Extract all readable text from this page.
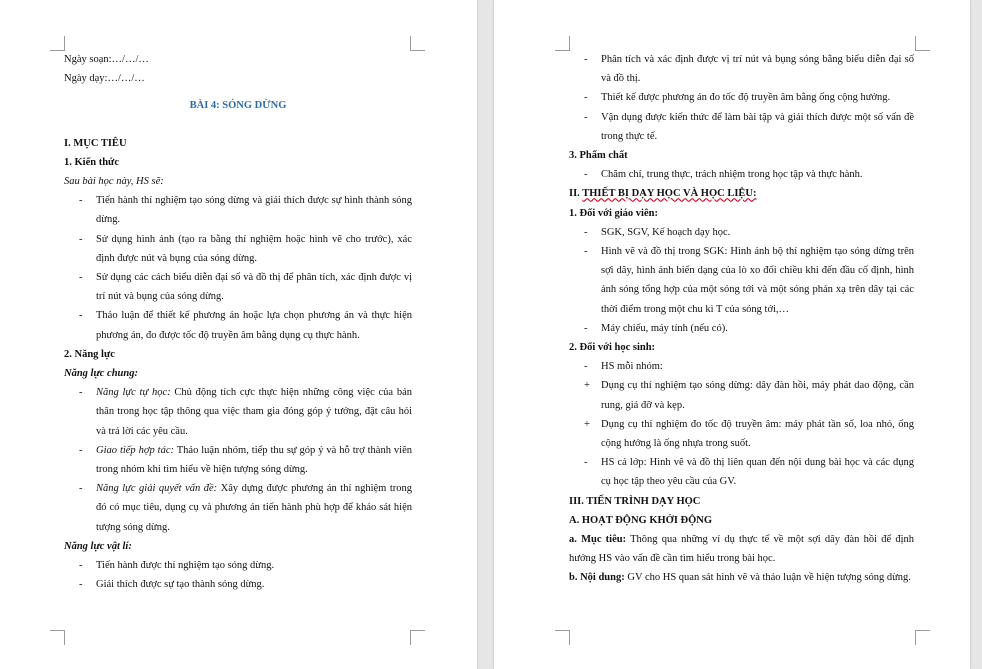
Ngày soạn:…/…/…

Ngày dạy:…/…/…

BÀI 4: SÓNG DỪNG

I. MỤC TIÊU

1. Kiến thức

Sau bài học này, HS sẽ:

- Tiến hành thí nghiệm tạo sóng dừng và giải thích được sự hình thành sóng dừng.
- Sử dụng hình ảnh (tạo ra bằng thí nghiệm hoặc hình vẽ cho trước), xác định được nút và bụng của sóng dừng.
- Sử dụng các cách biểu diễn đại số và đồ thị để phân tích, xác định được vị trí nút và bụng của sóng dừng.
- Thảo luận để thiết kế phương án hoặc lựa chọn phương án và thực hiện phương án, đo được tốc độ truyền âm bằng dụng cụ thực hành.

2. Năng lực

Năng lực chung:

- Năng lực tự học: Chủ động tích cực thực hiện những công việc của bản thân trong học tập thông qua việc tham gia đóng góp ý tưởng, đặt câu hỏi và trả lời các yêu cầu.
- Giao tiếp hợp tác: Thảo luận nhóm, tiếp thu sự góp ý và hỗ trợ thành viên trong nhóm khi tìm hiểu về hiện tượng sóng dừng.
- Năng lực giải quyết vấn đề: Xây dựng được phương án thí nghiệm trong đó có mục tiêu, dụng cụ và phương án tiến hành phù hợp để khảo sát hiện tượng sóng dừng.

Năng lực vật lí:

- Tiến hành được thí nghiệm tạo sóng dừng.
- Giải thích được sự tạo thành sóng dừng.
- Phân tích và xác định được vị trí nút và bụng sóng bằng biểu diễn đại số và đồ thị.
- Thiết kế được phương án đo tốc độ truyền âm bằng ống cộng hưởng.
- Vận dụng được kiến thức để làm bài tập và giải thích được một số vấn đề trong thực tế.

3. Phẩm chất

- Chăm chỉ, trung thực, trách nhiệm trong học tập và thực hành.

II. THIẾT BỊ DẠY HỌC VÀ HỌC LIỆU:

1. Đối với giáo viên:

- SGK, SGV, Kế hoạch dạy học.
- Hình vẽ và đồ thị trong SGK: Hình ảnh bộ thí nghiệm tạo sóng dừng trên sợi dây, hình ảnh biến dạng của lò xo đối chiều khi đến đầu cố định, hình ảnh sóng tổng hợp của một sóng tới và một sóng phản xạ trên dây tại các thời điểm trong một chu kì T của sóng tới,…
- Máy chiếu, máy tính (nếu có).

2. Đối với học sinh:

- HS mỗi nhóm:
+ Dụng cụ thí nghiệm tạo sóng dừng: dây đàn hồi, máy phát dao động, cần rung, giá đỡ và kẹp.
+ Dụng cụ thí nghiệm đo tốc độ truyền âm: máy phát tần số, loa nhỏ, ống cộng hưởng là ống nhựa trong suốt.
- HS cả lớp: Hình vẽ và đồ thị liên quan đến nội dung bài học và các dụng cụ học tập theo yêu cầu của GV.

III. TIẾN TRÌNH DẠY HỌC

A. HOẠT ĐỘNG KHỞI ĐỘNG

a. Mục tiêu: Thông qua những ví dụ thực tế về một sợi dây đàn hồi để định hướng HS vào vấn đề cần tìm hiểu trong bài học.

b. Nội dung: GV cho HS quan sát hình vẽ và thảo luận về hiện tượng sóng dừng.
